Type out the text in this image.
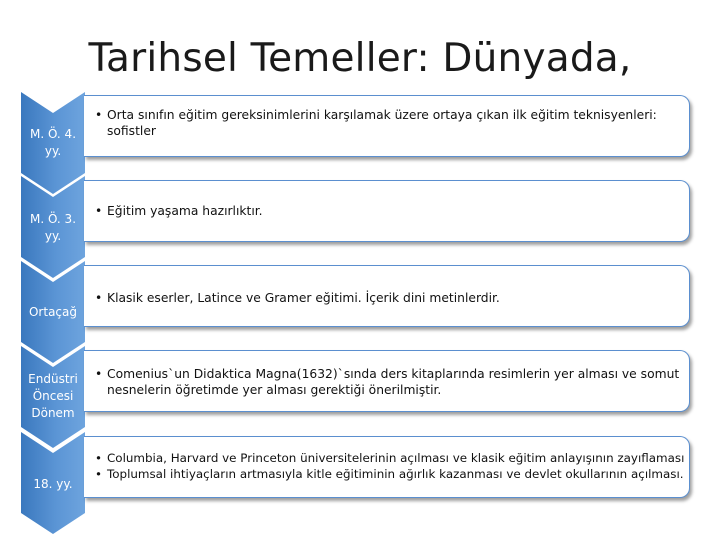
Tarihsel Temeller: Dünyada,
M. Ö. 4. yy.

• Orta sınıfın eğitim gereksinimlerini karşılamak üzere ortaya çıkan ilk eğitim teknisyenleri: sofistler

M. Ö. 3. yy.

• Eğitim yaşama hazırlıktır.

Ortaçağ

• Klasik eserler, Latince ve Gramer eğitimi. İçerik dini metinlerdir.

Endüstri Öncesi Dönem

• Comenius`un Didaktica Magna(1632)`sında ders kitaplarında resimlerin yer alması ve somut nesnelerin öğretimde yer alması gerektiği önerilmiştir.

18. yy.

• Columbia, Harvard ve Princeton üniversitelerinin açılması ve klasik eğitim anlayışının zayıflaması

• Toplumsal ihtiyaçların artmasıyla kitle eğitiminin ağırlık kazanması ve devlet okullarının açılması.
